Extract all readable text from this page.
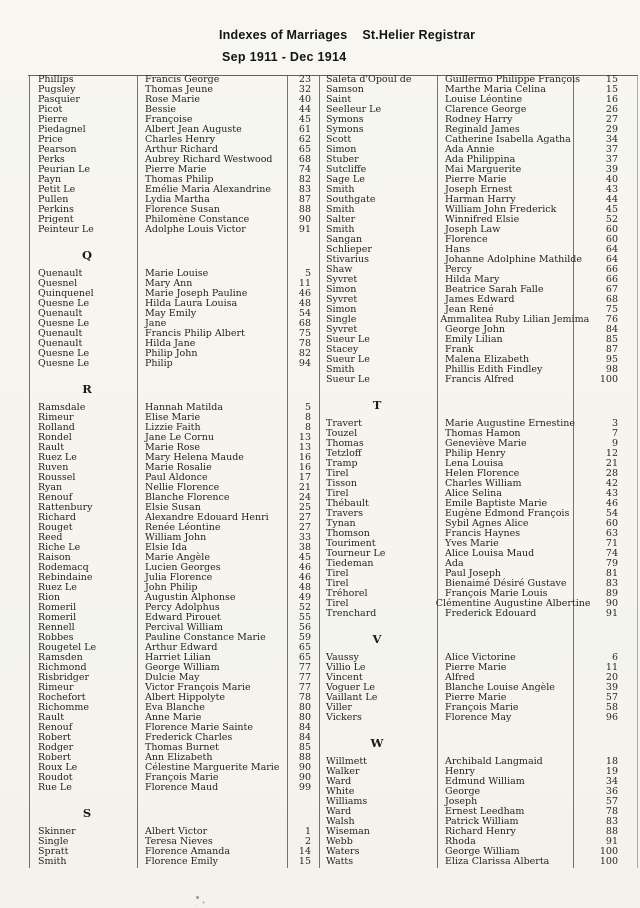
Indexes of Marriages St.Helier Registrar
Sep 1911 - Dec 1914
Phillips	Francis George	23
Pugsley	Thomas Jeune	32
Pasquier	Rose Marie	40
Picot	Bessie	44
Pierre	Françoise	45
Piedagnel	Albert Jean Auguste	61
Price	Charles Henry	62
Pearson	Arthur Richard	65
Perks	Aubrey Richard Westwood	68
Peurian Le	Pierre Marie	74
Payn	Thomas Philip	82
Petit Le	Emélie Maria Alexandrine	83
Pullen	Lydia Martha	87
Perkins	Florence Susan	88
Prigent	Philomène Constance	90
Peinteur Le	Adolphe Louis Victor	91
Q
Quenault	Marie Louise	5
Quesnel	Mary Ann	11
Quinquenel	Marie Joseph Pauline	46
Quesne Le	Hilda Laura Louisa	48
Quenault	May Emily	54
Quesne Le	Jane	68
Quenault	Francis Philip Albert	75
Quenault	Hilda Jane	78
Quesne Le	Philip John	82
Quesne Le	Philip	94
R
Ramsdale	Hannah Matilda	5
Rimeur	Elise Marie	8
Rolland	Lizzie Faith	8
Rondel	Jane Le Cornu	13
Rault	Marie Rose	13
Ruez Le	Mary Helena Maude	16
Ruven	Marie Rosalie	16
Roussel	Paul Aldonce	17
Ryan	Nellie Florence	21
Renouf	Blanche Florence	24
Rattenbury	Elsie Susan	25
Richard	Alexandre Edouard Henri	27
Rouget	Renée Léontine	27
Reed	William John	33
Riche Le	Elsie Ida	38
Raison	Marie Angèle	45
Rodemacq	Lucien Georges	46
Rebindaine	Julia Florence	46
Ruez Le	John Philip	48
Rion	Augustin Alphonse	49
Romeril	Percy Adolphus	52
Romeril	Edward Pirouet	55
Rennell	Percival William	56
Robbes	Pauline Constance Marie	59
Rougetel Le	Arthur Edward	65
Ramsden	Harriet Lilian	65
Richmond	George William	77
Risbridger	Dulcie May	77
Rimeur	Victor François Marie	77
Rochefort	Albert Hippolyte	78
Richomme	Eva Blanche	80
Rault	Anne Marie	80
Renouf	Florence Marie Sainte	84
Robert	Frederick Charles	84
Rodger	Thomas Burnet	85
Robert	Ann Elizabeth	88
Roux Le	Célestine Marguerite Marie	90
Roudot	François Marie	90
Rue Le	Florence Maud	99
S
Skinner	Albert Victor	1
Single	Teresa Nieves	2
Spratt	Florence Amanda	14
Smith	Florence Emily	15
Saleta d'Opoul de	Guillermo Philippe François	15
Samson	Marthe Maria Celina	15
Saint	Louise Léontine	16
Seelleur Le	Clarence George	26
Symons	Rodney Harry	27
Symons	Reginald James	29
Scott	Catherine Isabella Agatha	34
Simon	Ada Annie	37
Stuber	Ada Philippina	37
Sutcliffe	Mai Marguerite	39
Sage Le	Pierre Marie	40
Smith	Joseph Ernest	43
Southgate	Harman Harry	44
Smith	William John Frederick	45
Salter	Winnifred Elsie	52
Smith	Joseph Law	60
Sangan	Florence	60
Schlieper	Hans	64
Stivarius	Johanne Adolphine Mathilde	64
Shaw	Percy	66
Syvret	Hilda Mary	66
Simon	Beatrice Sarah Falle	67
Syvret	James Edward	68
Simon	Jean René	75
Single	Ammalitea Ruby Lilian Jemima	76
Syvret	George John	84
Sueur Le	Emily Lilian	85
Stacey	Frank	87
Sueur Le	Malena Elizabeth	95
Smith	Phillis Edith Findley	98
Sueur Le	Francis Alfred	100
T
Travert	Marie Augustine Ernestine	3
Touzel	Thomas Hamon	7
Thomas	Geneviève Marie	9
Tetzloff	Philip Henry	12
Tramp	Lena Louisa	21
Tirel	Helen Florence	28
Tisson	Charles William	42
Tirel	Alice Selina	43
Thébault	Emile Baptiste Marie	46
Travers	Eugène Edmond François	54
Tynan	Sybil Agnes Alice	60
Thomson	Francis Haynes	63
Touriment	Yves Marie	71
Tourneur Le	Alice Louisa Maud	74
Tiedeman	Ada	79
Tirel	Paul Joseph	81
Tirel	Bienaimé Désiré Gustave	83
Tréhorel	François Marie Louis	89
Tirel	Clémentine Augustine Albertine	90
Trenchard	Frederick Edouard	91
V
Vaussy	Alice Victorine	6
Villio Le	Pierre Marie	11
Vincent	Alfred	20
Voguer Le	Blanche Louise Angèle	39
Vaillant Le	Pierre Marie	57
Viller	François Marie	58
Vickers	Florence May	96
W
Willmett	Archibald Langmaid	18
Walker	Henry	19
Ward	Edmund William	34
White	George	36
Williams	Joseph	57
Ward	Ernest Leedham	78
Walsh	Patrick William	83
Wiseman	Richard Henry	88
Webb	Rhoda	91
Waters	George William	100
Watts	Eliza Clarissa Alberta	100
